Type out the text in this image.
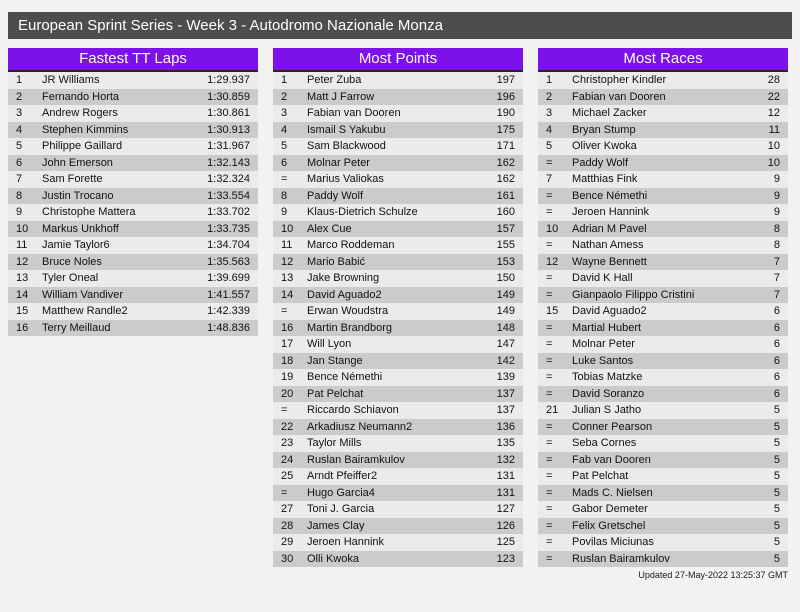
European Sprint Series - Week 3 - Autodromo Nazionale Monza
Fastest TT Laps
1	JR Williams	1:29.937
2	Fernando Horta	1:30.859
3	Andrew Rogers	1:30.861
4	Stephen Kimmins	1:30.913
5	Philippe Gaillard	1:31.967
6	John Emerson	1:32.143
7	Sam Forette	1:32.324
8	Justin Trocano	1:33.554
9	Christophe Mattera	1:33.702
10	Markus Unkhoff	1:33.735
11	Jamie Taylor6	1:34.704
12	Bruce Noles	1:35.563
13	Tyler Oneal	1:39.699
14	William Vandiver	1:41.557
15	Matthew Randle2	1:42.339
16	Terry Meillaud	1:48.836
Most Points
1	Peter Zuba	197
2	Matt J Farrow	196
3	Fabian van Dooren	190
4	Ismail S Yakubu	175
5	Sam Blackwood	171
6	Molnar Peter	162
=	Marius Valiokas	162
8	Paddy Wolf	161
9	Klaus-Dietrich Schulze	160
10	Alex Cue	157
11	Marco Roddeman	155
12	Mario Babić	153
13	Jake Browning	150
14	David Aguado2	149
=	Erwan Woudstra	149
16	Martin Brandborg	148
17	Will Lyon	147
18	Jan Stange	142
19	Bence Némethi	139
20	Pat Pelchat	137
=	Riccardo Schiavon	137
22	Arkadiusz Neumann2	136
23	Taylor Mills	135
24	Ruslan Bairamkulov	132
25	Arndt Pfeiffer2	131
=	Hugo Garcia4	131
27	Toni J. Garcia	127
28	James Clay	126
29	Jeroen Hannink	125
30	Olli Kwoka	123
Most Races
1	Christopher Kindler	28
2	Fabian van Dooren	22
3	Michael Zacker	12
4	Bryan Stump	11
5	Oliver Kwoka	10
=	Paddy Wolf	10
7	Matthias Fink	9
=	Bence Némethi	9
=	Jeroen Hannink	9
10	Adrian M Pavel	8
=	Nathan Amess	8
12	Wayne Bennett	7
=	David K Hall	7
=	Gianpaolo Filippo Cristini	7
15	David Aguado2	6
=	Martial Hubert	6
=	Molnar Peter	6
=	Luke Santos	6
=	Tobias Matzke	6
=	David Soranzo	6
21	Julian S Jatho	5
=	Conner Pearson	5
=	Seba Cornes	5
=	Fab van Dooren	5
=	Pat Pelchat	5
=	Mads C. Nielsen	5
=	Gabor Demeter	5
=	Felix Gretschel	5
=	Povilas Miciunas	5
=	Ruslan Bairamkulov	5
Updated 27-May-2022 13:25:37 GMT
